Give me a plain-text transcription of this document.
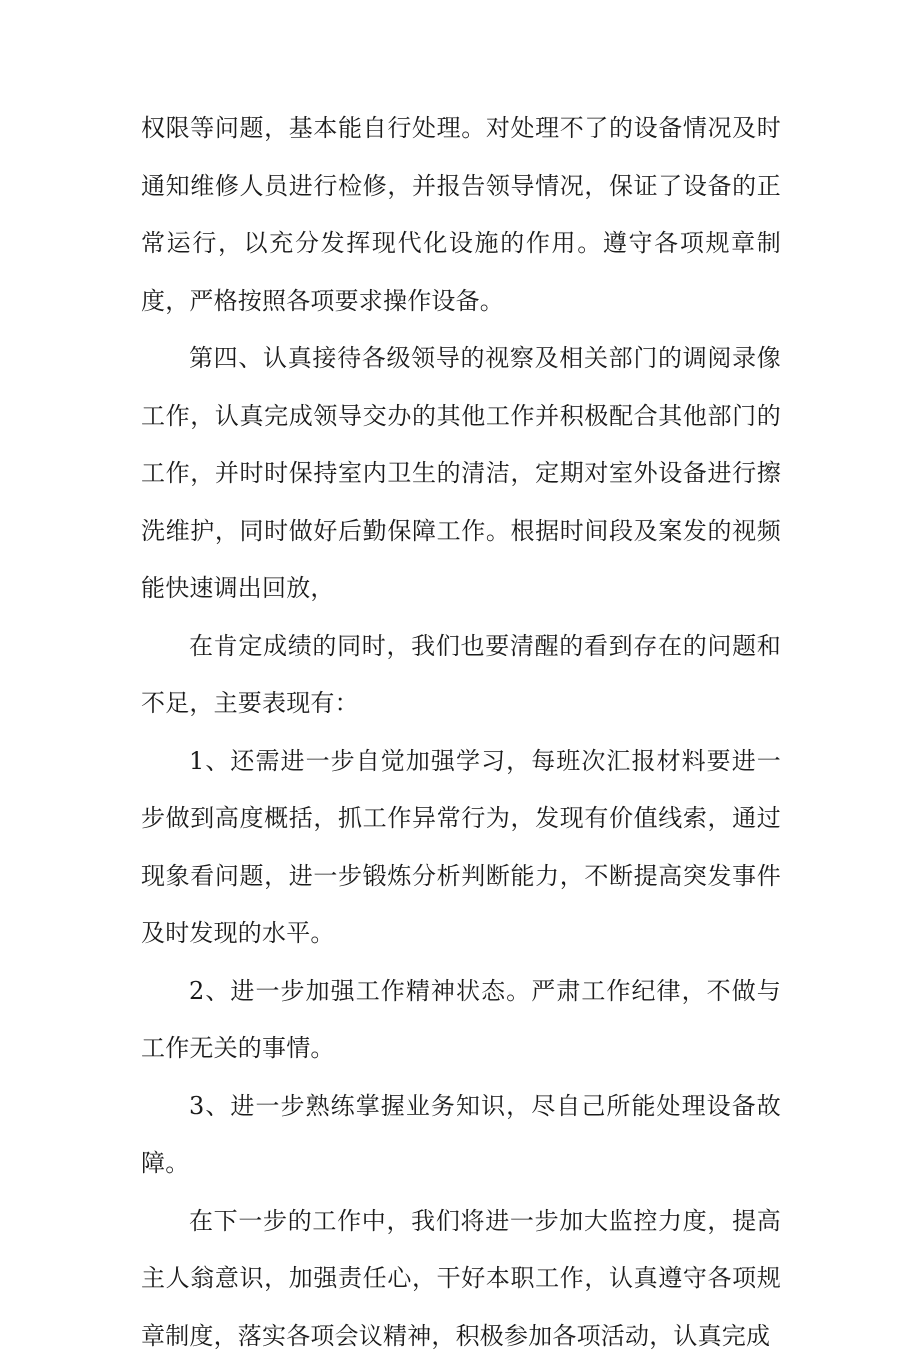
权限等问题，基本能自行处理。对处理不了的设备情况及时通知维修人员进行检修，并报告领导情况，保证了设备的正常运行，以充分发挥现代化设施的作用。遵守各项规章制度，严格按照各项要求操作设备。

第四、认真接待各级领导的视察及相关部门的调阅录像工作，认真完成领导交办的其他工作并积极配合其他部门的工作，并时时保持室内卫生的清洁，定期对室外设备进行擦洗维护，同时做好后勤保障工作。根据时间段及案发的视频能快速调出回放，

在肯定成绩的同时，我们也要清醒的看到存在的问题和不足，主要表现有：

1、还需进一步自觉加强学习，每班次汇报材料要进一步做到高度概括，抓工作异常行为，发现有价值线索，通过现象看问题，进一步锻炼分析判断能力，不断提高突发事件及时发现的水平。

2、进一步加强工作精神状态。严肃工作纪律，不做与工作无关的事情。

3、进一步熟练掌握业务知识，尽自己所能处理设备故障。

在下一步的工作中，我们将进一步加大监控力度，提高主人翁意识，加强责任心，干好本职工作，认真遵守各项规章制度，落实各项会议精神，积极参加各项活动，认真完成
